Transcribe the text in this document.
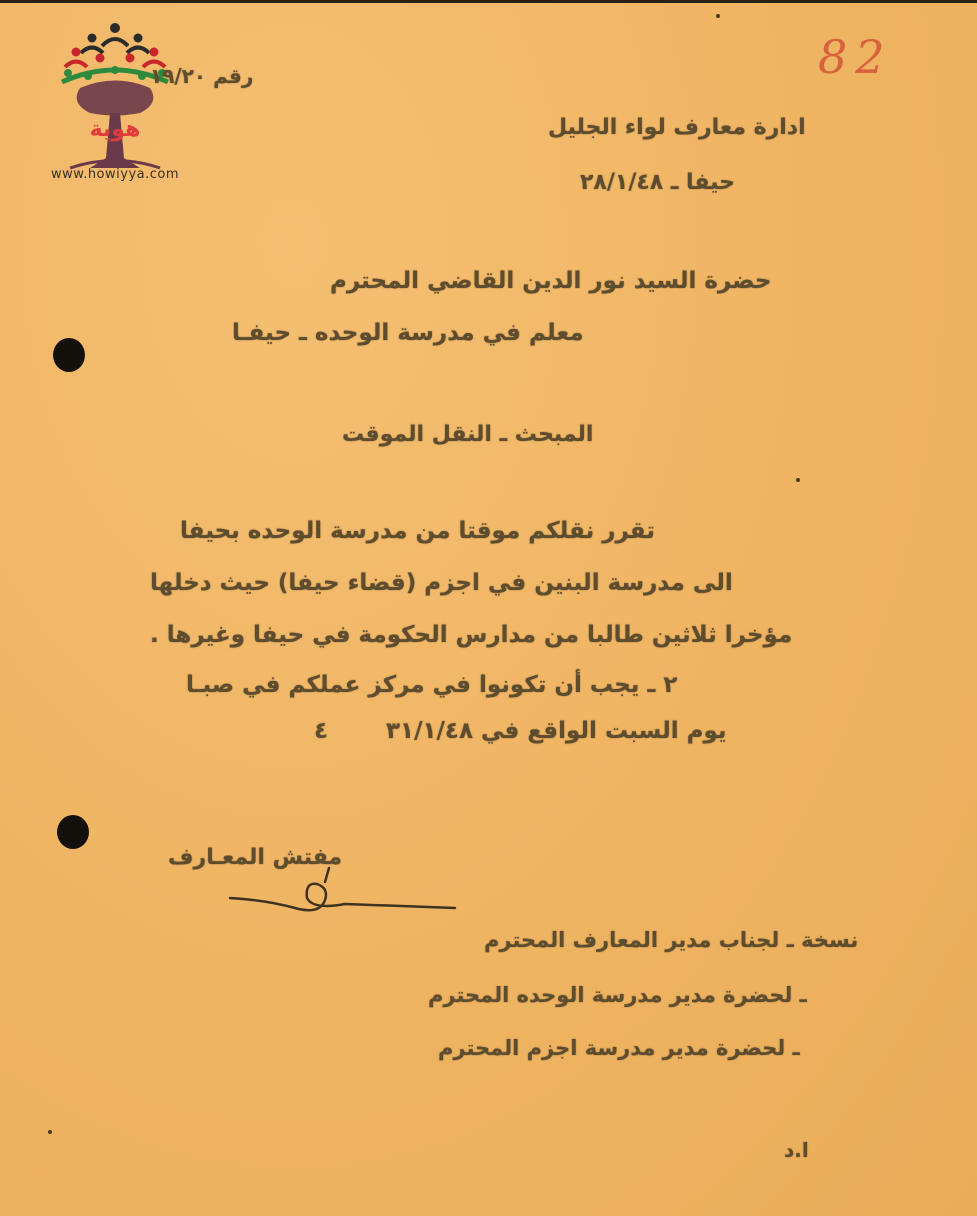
هوية
www.howiyya.com
82
رقم ١٩/٢٠
ادارة معارف لواء الجليل
حيفا ـ ٢٨/١/٤٨
حضرة السيد نور الدين القاضي المحترم
معلم في مدرسة الوحده ـ حيفـا
المبحث ـ النقل الموقت
تقرر نقلكم موقتا من مدرسة الوحده بحيفا
الى مدرسة البنين في اجزم (قضاء حيفا) حيث دخلها
مؤخرا ثلاثين طالبا من مدارس الحكومة في حيفا وغيرها .
٢ ـ يجب أن تكونوا في مركز عملكم في صبـا
يوم السبت الواقع في ٣١/١/٤٨
٤
مفتش المعـارف
صل
نسخة ـ لجناب مدير المعارف المحترم
ـ لحضرة مدير مدرسة الوحده المحترم
ـ لحضرة مدير مدرسة اجزم المحترم
ا.د
